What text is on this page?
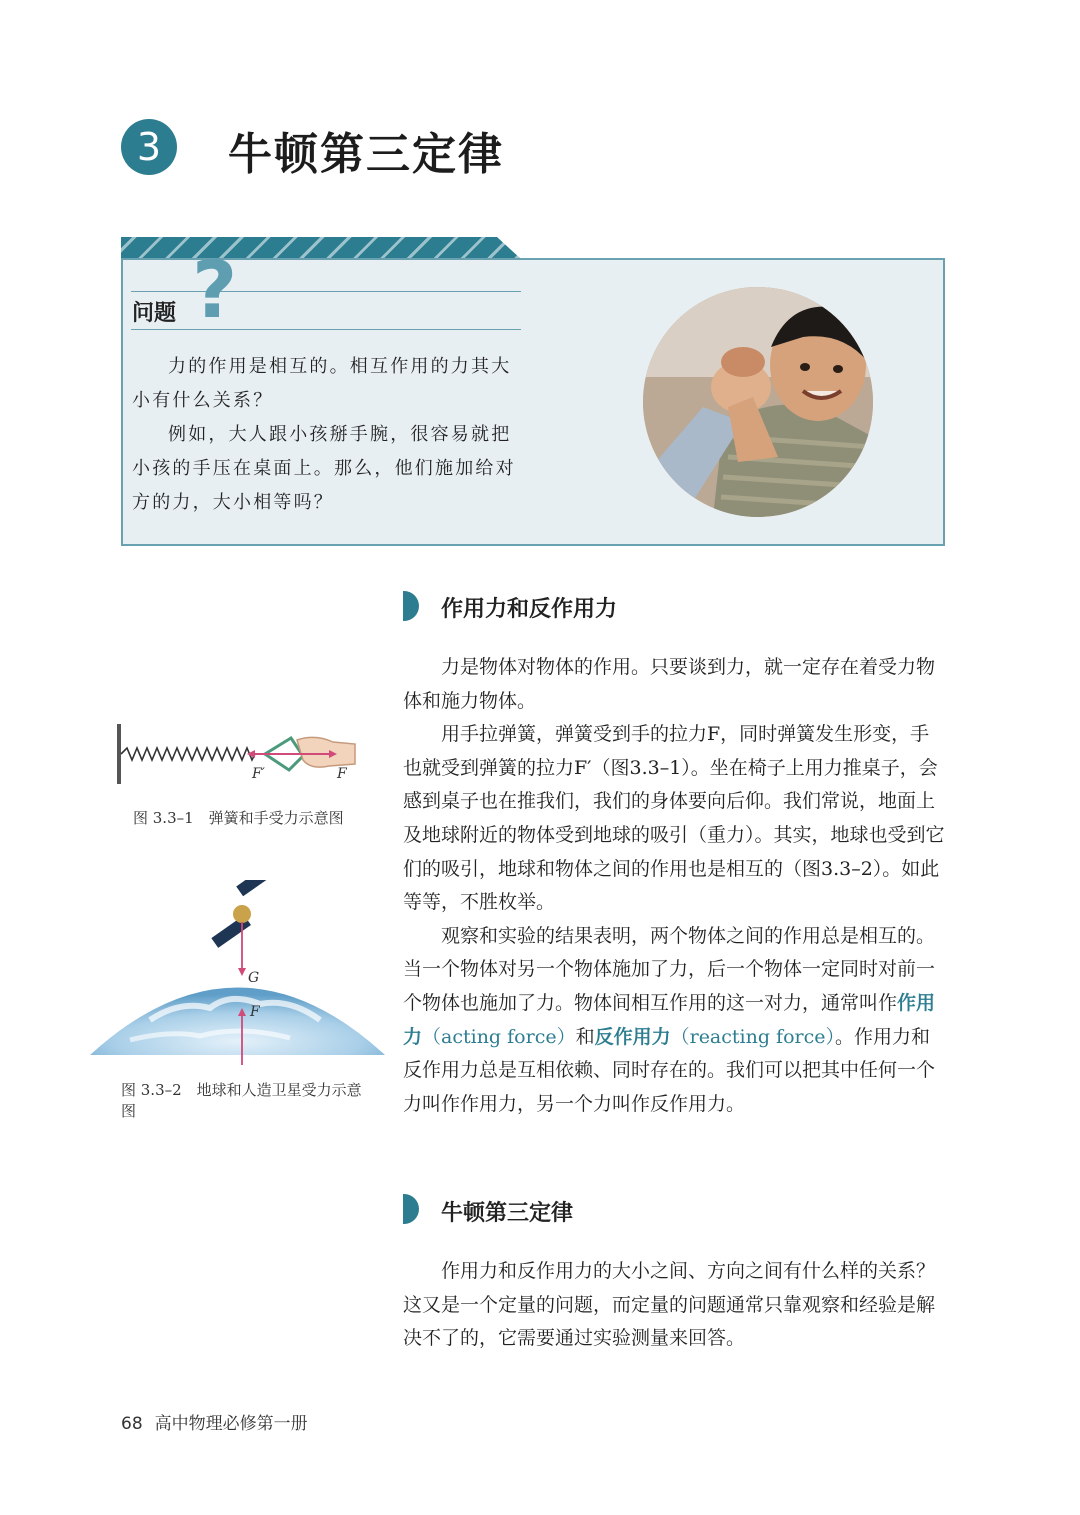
3	牛顿第三定律
问题 ?

力的作用是相互的。相互作用的力其大小有什么关系？

例如，大人跟小孩掰手腕，很容易就把小孩的手压在桌面上。那么，他们施加给对方的力，大小相等吗？

作用力和反作用力

力是物体对物体的作用。只要谈到力，就一定存在着受力物体和施力物体。

用手拉弹簧，弹簧受到手的拉力F，同时弹簧发生形变，手也就受到弹簧的拉力F′（图3.3–1）。坐在椅子上用力推桌子，会感到桌子也在推我们，我们的身体要向后仰。我们常说，地面上及地球附近的物体受到地球的吸引（重力）。其实，地球也受到它们的吸引，地球和物体之间的作用也是相互的（图3.3–2）。如此等等，不胜枚举。

观察和实验的结果表明，两个物体之间的作用总是相互的。当一个物体对另一个物体施加了力，后一个物体一定同时对前一个物体也施加了力。物体间相互作用的这一对力，通常叫作作用力（acting force）和反作用力（reacting force）。作用力和反作用力总是互相依赖、同时存在的。我们可以把其中任何一个力叫作作用力，另一个力叫作反作用力。

F′	F
图 3.3–1　弹簧和手受力示意图
G
F
图 3.3–2　地球和人造卫星受力示意图
牛顿第三定律

作用力和反作用力的大小之间、方向之间有什么样的关系？这又是一个定量的问题，而定量的问题通常只靠观察和经验是解决不了的，它需要通过实验测量来回答。

68 高中物理必修第一册
